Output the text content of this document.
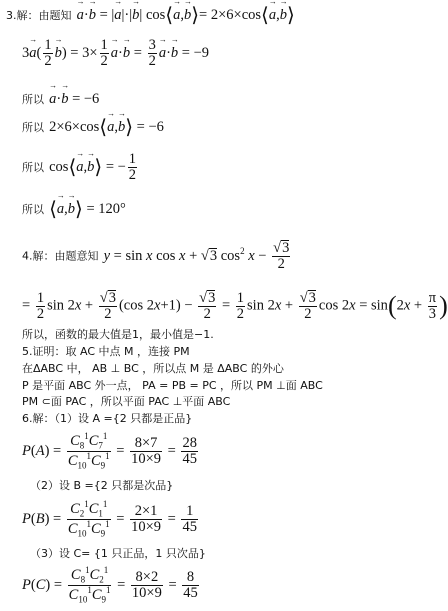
3.解：由题知 → a·→ b = |→ a|·|→ b| cos⟨→ a,→ b⟩= 2×6×cos⟨→ a,→ b⟩
$3\to a( \frac{1}{2}$
→ $b) = 3\times \frac{1}{2}$
→ $a\cdot\to b = \frac{3}{2}$
→ a·→ b = −9
所以 → a·→ b = −6
所以 2×6×cos⟨→ a,→ b⟩ = −6
所以 cos⟨→ a,→ b⟩ = − $\frac{1}{2}$
所以 ⟨→ a,→ b⟩ = 120°
4.解：由题意知 y = sin x cos x + √3 $\cos^2 x - \frac{√3}{2}$
= $\frac{1}{2}$ $\sin 2x + \frac{√3}{2} (\cos$ $2x+1) - \frac{√3}{2} = \frac{1}{2}$ $\sin 2x + \frac{√3}{2}$ $\cos 2x = \sin(2x + \frac{\pi}{3}$ )
所以，函数的最大值是1，最小值是−1.
5.证明：取 AC 中点 M ，连接 PM
在ΔABC 中， AB ⊥ BC ，所以点 M 是 ΔABC 的外心
P 是平面 ABC 外一点， PA = PB = PC ，所以 PM ⊥面 ABC
PM ⊂面 PAC ，所以平面 PAC ⊥平面 ABC
6.解：（1）设 A ={2 只都是正品}
$P(A) = \frac{C_8^1C_7^1}{C_{10}^1C_9^1} = \frac{8\times 7}{10\times 9} = \frac{28}{45}$
（2）设 B ={2 只都是次品}
$P(B) = \frac{C_2^1C_1^1}{C_{10}^1C_9^1} = \frac{2\times 1}{10\times 9} = \frac{1}{45}$
（3）设 C= {1 只正品，1 只次品}
$P(C) = \frac{C_8^1C_2^1}{C_{10}^1C_9^1} = \frac{8\times 2}{10\times 9} = \frac{8}{45}$
